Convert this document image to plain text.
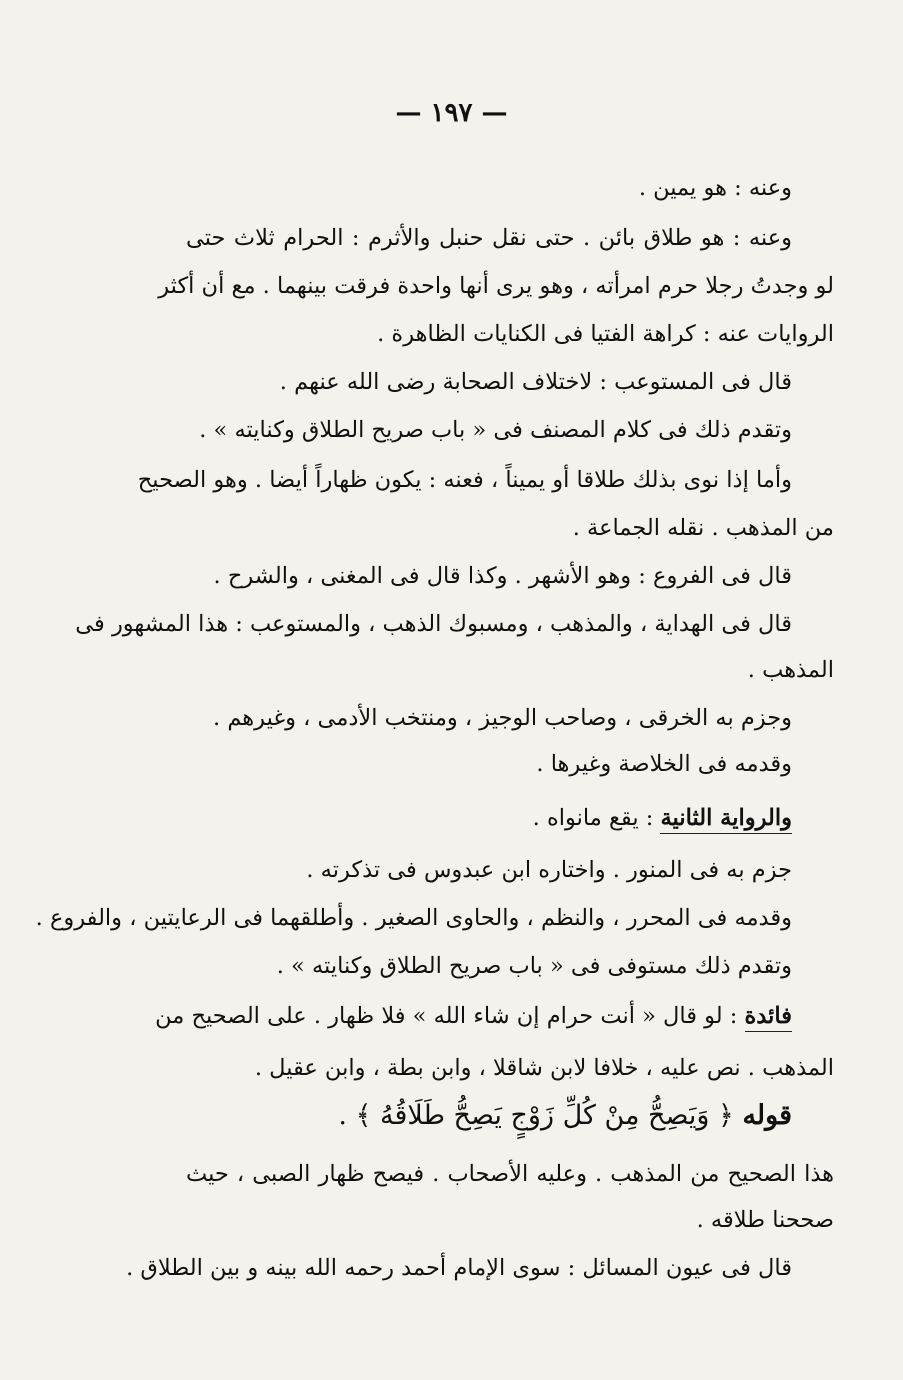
— ١٩٧ —
وعنه : هو يمين .
وعنه : هو طلاق بائن . حتى نقل حنبل والأثرم : الحرام ثلاث حتى
لو وجدتُ رجلا حرم امرأته ، وهو يرى أنها واحدة فرقت بينهما . مع أن أكثر
الروايات عنه : كراهة الفتيا فى الكنايات الظاهرة .
قال فى المستوعب : لاختلاف الصحابة رضى الله عنهم .
وتقدم ذلك فى كلام المصنف فى « باب صريح الطلاق وكنايته » .
وأما إذا نوى بذلك طلاقا أو يميناً ، فعنه : يكون ظهاراً أيضا . وهو الصحيح
من المذهب . نقله الجماعة .
قال فى الفروع : وهو الأشهر . وكذا قال فى المغنى ، والشرح .
قال فى الهداية ، والمذهب ، ومسبوك الذهب ، والمستوعب : هذا المشهور فى
المذهب .
وجزم به الخرقى ، وصاحب الوجيز ، ومنتخب الأدمى ، وغيرهم .
وقدمه فى الخلاصة وغيرها .
والرواية الثانية : يقع مانواه .
جزم به فى المنور . واختاره ابن عبدوس فى تذكرته .
وقدمه فى المحرر ، والنظم ، والحاوى الصغير . وأطلقهما فى الرعايتين ، والفروع .
وتقدم ذلك مستوفى فى « باب صريح الطلاق وكنايته » .
فائدة : لو قال « أنت حرام إن شاء الله » فلا ظهار . على الصحيح من
المذهب . نص عليه ، خلافا لابن شاقلا ، وابن بطة ، وابن عقيل .
قوله ﴿ وَيَصِحُّ مِنْ كُلِّ زَوْجٍ يَصِحُّ طَلَاقُهُ ﴾ .
هذا الصحيح من المذهب . وعليه الأصحاب . فيصح ظهار الصبى ، حيث
صححنا طلاقه .
قال فى عيون المسائل : سوى الإمام أحمد رحمه الله بينه و بين الطلاق .
